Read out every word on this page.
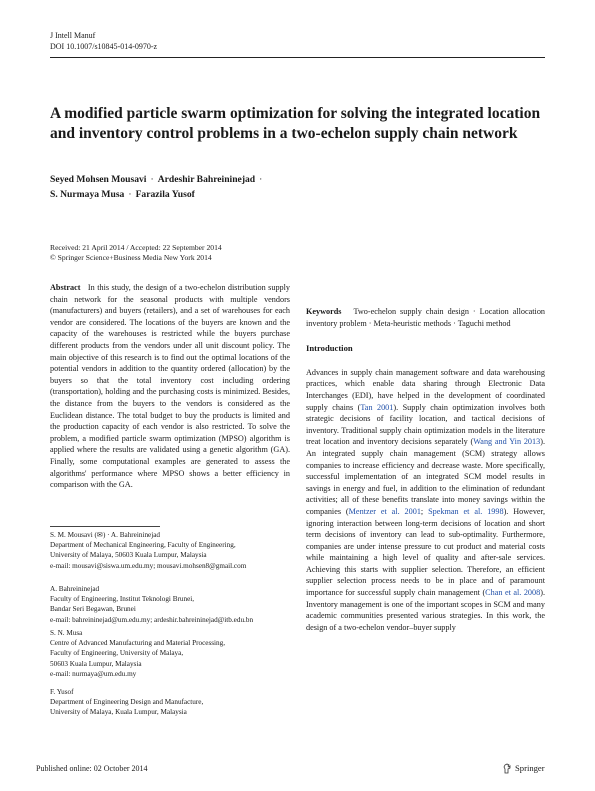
J Intell Manuf
DOI 10.1007/s10845-014-0970-z
A modified particle swarm optimization for solving the integrated location and inventory control problems in a two-echelon supply chain network
Seyed Mohsen Mousavi · Ardeshir Bahreininejad ·
S. Nurmaya Musa · Farazila Yusof
Received: 21 April 2014 / Accepted: 22 September 2014
© Springer Science+Business Media New York 2014

Abstract In this study, the design of a two-echelon distribution supply chain network for the seasonal products with multiple vendors (manufacturers) and buyers (retailers), and a set of warehouses for each vendor are considered. The locations of the buyers are known and the capacity of the warehouses is restricted while the buyers purchase different products from the vendors under all unit discount policy. The main objective of this research is to find out the optimal locations of the potential vendors in addition to the quantity ordered (allocation) by the buyers so that the total inventory cost including ordering (transportation), holding and the purchasing costs is minimized. Besides, the distance from the buyers to the vendors is considered as the Euclidean distance. The total budget to buy the products is limited and the production capacity of each vendor is also restricted. To solve the problem, a modified particle swarm optimization (MPSO) algorithm is applied where the results are validated using a genetic algorithm (GA). Finally, some computational examples are generated to assess the algorithms' performance where MPSO shows a better efficiency in comparison with the GA.

Keywords Two-echelon supply chain design · Location allocation inventory problem · Meta-heuristic methods · Taguchi method
Introduction

Advances in supply chain management software and data warehousing practices, which enable data sharing through Electronic Data Interchanges (EDI), have helped in the development of coordinated supply chains (Tan 2001). Supply chain optimization involves both strategic decisions of facility location, and tactical decisions of inventory. Traditional supply chain optimization models in the literature treat location and inventory decisions separately (Wang and Yin 2013). An integrated supply chain management (SCM) strategy allows companies to increase efficiency and decrease waste. More specifically, successful implementation of an integrated SCM model results in savings in energy and fuel, in addition to the elimination of redundant activities; all of these benefits translate into money savings within the companies (Mentzer et al. 2001; Spekman et al. 1998). However, ignoring interaction between long-term decisions of location and short term decisions of inventory can lead to sub-optimality. Furthermore, companies are under intense pressure to cut product and material costs while maintaining a high level of quality and after-sale services. Achieving this starts with supplier selection. Therefore, an efficient supplier selection process needs to be in place and of paramount importance for successful supply chain management (Chan et al. 2008). Inventory management is one of the important scopes in SCM and many academic communities presented various strategies. In this work, the design of a two-echelon vendor–buyer supply

S. M. Mousavi (✉) · A. Bahreininejad
Department of Mechanical Engineering, Faculty of Engineering,
University of Malaya, 50603 Kuala Lumpur, Malaysia
e-mail: mousavi@siswa.um.edu.my; mousavi.mohsen8@gmail.com
A. Bahreininejad
Faculty of Engineering, Institut Teknologi Brunei,
Bandar Seri Begawan, Brunei
e-mail: bahreininejad@um.edu.my; ardeshir.bahreininejad@itb.edu.bn
S. N. Musa
Centre of Advanced Manufacturing and Material Processing,
Faculty of Engineering, University of Malaya,
50603 Kuala Lumpur, Malaysia
e-mail: nurmaya@um.edu.my
F. Yusof
Department of Engineering Design and Manufacture,
University of Malaya, Kuala Lumpur, Malaysia
Published online: 02 October 2014	Springer
